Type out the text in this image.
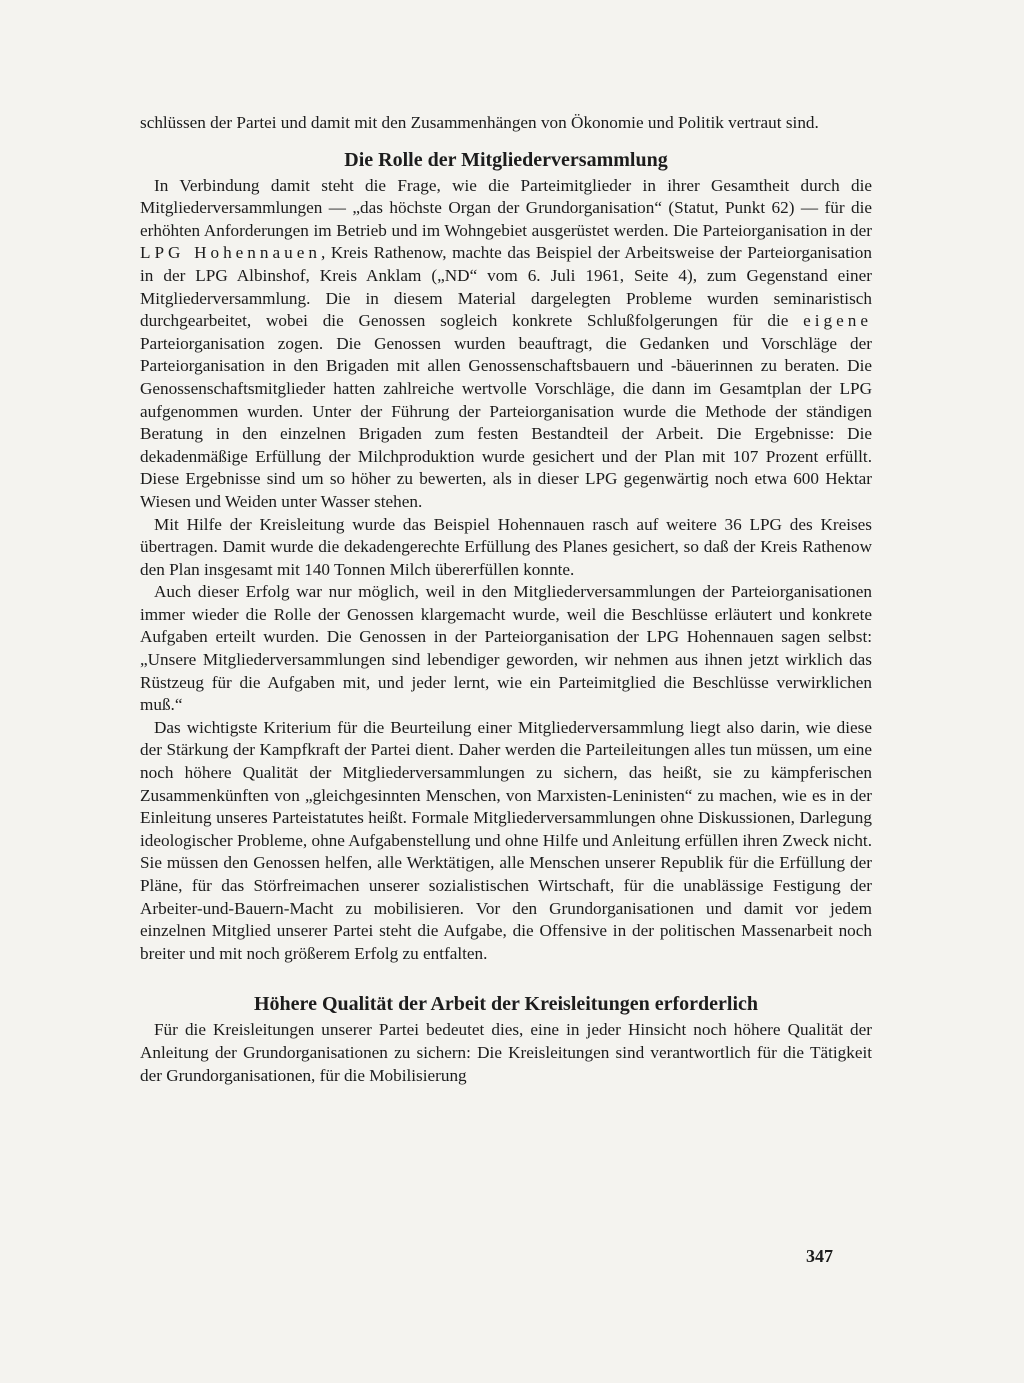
schlüssen der Partei und damit mit den Zusammenhängen von Ökonomie und Politik vertraut sind.

Die Rolle der Mitgliederversammlung

In Verbindung damit steht die Frage, wie die Parteimitglieder in ihrer Gesamtheit durch die Mitgliederversammlungen — „das höchste Organ der Grundorganisation“ (Statut, Punkt 62) — für die erhöhten Anforderungen im Betrieb und im Wohngebiet ausgerüstet werden. Die Parteiorganisation in der LPG Hohennauen, Kreis Rathenow, machte das Beispiel der Arbeitsweise der Parteiorganisation in der LPG Albinshof, Kreis Anklam („ND“ vom 6. Juli 1961, Seite 4), zum Gegenstand einer Mitgliederversammlung. Die in diesem Material dargelegten Probleme wurden seminaristisch durchgearbeitet, wobei die Genossen sogleich konkrete Schlußfolgerungen für die eigene Parteiorganisation zogen. Die Genossen wurden beauftragt, die Gedanken und Vorschläge der Parteiorganisation in den Brigaden mit allen Genossenschaftsbauern und -bäuerinnen zu beraten. Die Genossenschaftsmitglieder hatten zahlreiche wertvolle Vorschläge, die dann im Gesamtplan der LPG aufgenommen wurden. Unter der Führung der Parteiorganisation wurde die Methode der ständigen Beratung in den einzelnen Brigaden zum festen Bestandteil der Arbeit. Die Ergebnisse: Die dekadenmäßige Erfüllung der Milchproduktion wurde gesichert und der Plan mit 107 Prozent erfüllt. Diese Ergebnisse sind um so höher zu bewerten, als in dieser LPG gegenwärtig noch etwa 600 Hektar Wiesen und Weiden unter Wasser stehen.

Mit Hilfe der Kreisleitung wurde das Beispiel Hohennauen rasch auf weitere 36 LPG des Kreises übertragen. Damit wurde die dekadengerechte Erfüllung des Planes gesichert, so daß der Kreis Rathenow den Plan insgesamt mit 140 Tonnen Milch übererfüllen konnte.

Auch dieser Erfolg war nur möglich, weil in den Mitgliederversammlungen der Parteiorganisationen immer wieder die Rolle der Genossen klargemacht wurde, weil die Beschlüsse erläutert und konkrete Aufgaben erteilt wurden. Die Genossen in der Parteiorganisation der LPG Hohennauen sagen selbst: „Unsere Mitgliederversammlungen sind lebendiger geworden, wir nehmen aus ihnen jetzt wirklich das Rüstzeug für die Aufgaben mit, und jeder lernt, wie ein Parteimitglied die Beschlüsse verwirklichen muß.“

Das wichtigste Kriterium für die Beurteilung einer Mitgliederversammlung liegt also darin, wie diese der Stärkung der Kampfkraft der Partei dient. Daher werden die Parteileitungen alles tun müssen, um eine noch höhere Qualität der Mitgliederversammlungen zu sichern, das heißt, sie zu kämpferischen Zusammenkünften von „gleichgesinnten Menschen, von Marxisten-Leninisten“ zu machen, wie es in der Einleitung unseres Parteistatutes heißt. Formale Mitgliederversammlungen ohne Diskussionen, Darlegung ideologischer Probleme, ohne Aufgabenstellung und ohne Hilfe und Anleitung erfüllen ihren Zweck nicht. Sie müssen den Genossen helfen, alle Werktätigen, alle Menschen unserer Republik für die Erfüllung der Pläne, für das Störfreimachen unserer sozialistischen Wirtschaft, für die unablässige Festigung der Arbeiter-und-Bauern-Macht zu mobilisieren. Vor den Grundorganisationen und damit vor jedem einzelnen Mitglied unserer Partei steht die Aufgabe, die Offensive in der politischen Massenarbeit noch breiter und mit noch größerem Erfolg zu entfalten.

Höhere Qualität der Arbeit der Kreisleitungen erforderlich

Für die Kreisleitungen unserer Partei bedeutet dies, eine in jeder Hinsicht noch höhere Qualität der Anleitung der Grundorganisationen zu sichern: Die Kreisleitungen sind verantwortlich für die Tätigkeit der Grundorganisationen, für die Mobilisierung

347
